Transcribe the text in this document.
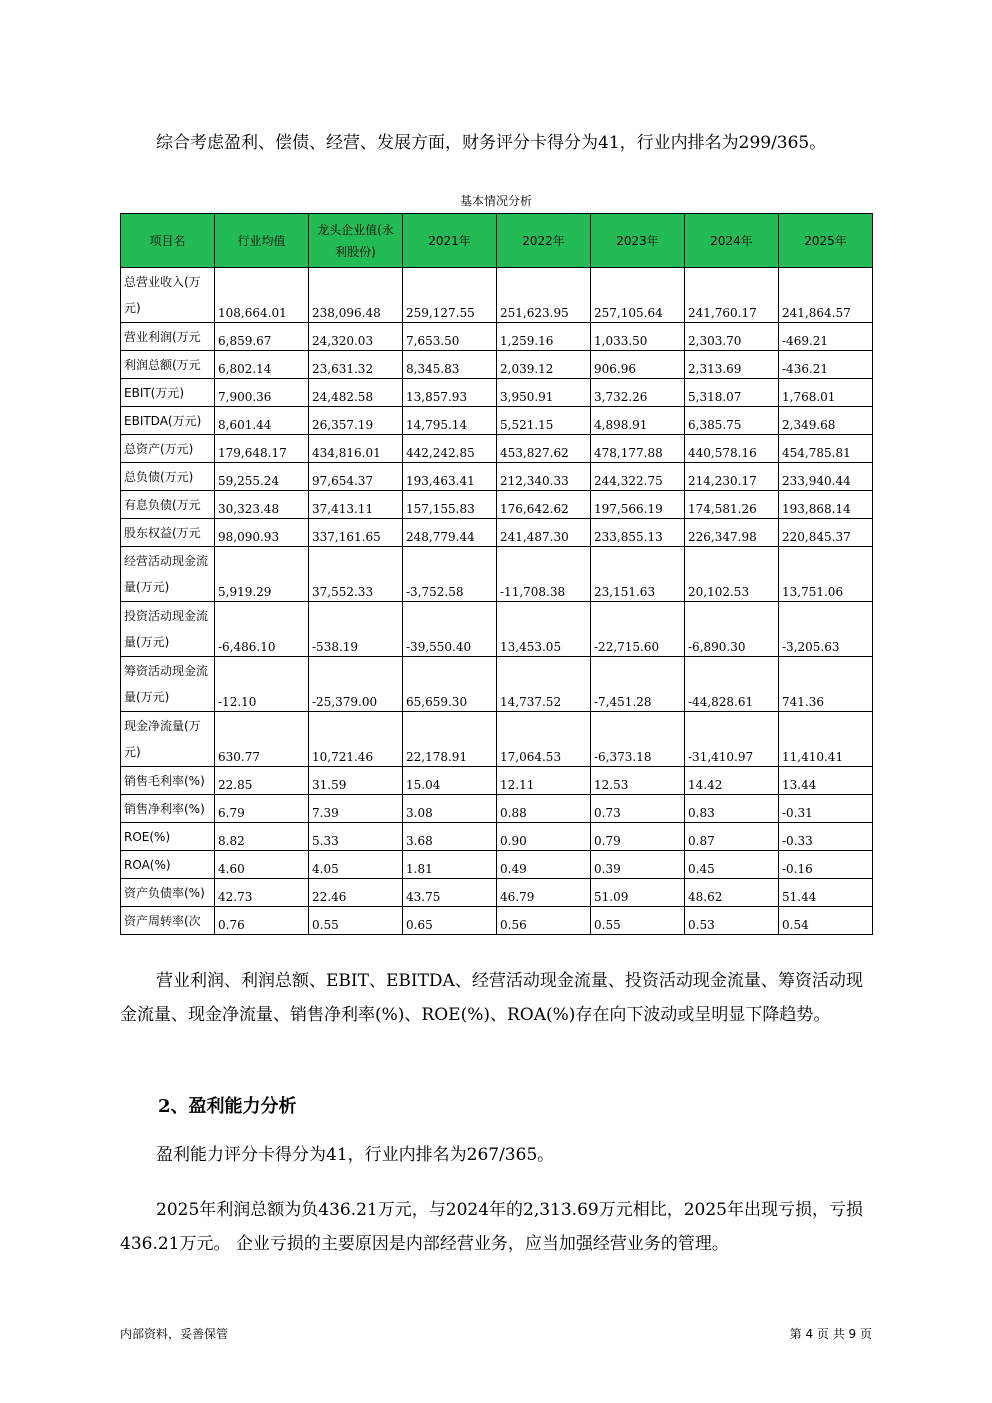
综合考虑盈利、偿债、经营、发展方面，财务评分卡得分为41，行业内排名为299/365。

基本情况分析
项目名	行业均值	龙头企业值(永利股份)	2021年	2022年	2023年	2024年	2025年
总营业收入(万元)	108,664.01	238,096.48	259,127.55	251,623.95	257,105.64	241,760.17	241,864.57
营业利润(万元	6,859.67	24,320.03	7,653.50	1,259.16	1,033.50	2,303.70	-469.21
利润总额(万元	6,802.14	23,631.32	8,345.83	2,039.12	906.96	2,313.69	-436.21
EBIT(万元)	7,900.36	24,482.58	13,857.93	3,950.91	3,732.26	5,318.07	1,768.01
EBITDA(万元)	8,601.44	26,357.19	14,795.14	5,521.15	4,898.91	6,385.75	2,349.68
总资产(万元)	179,648.17	434,816.01	442,242.85	453,827.62	478,177.88	440,578.16	454,785.81
总负债(万元)	59,255.24	97,654.37	193,463.41	212,340.33	244,322.75	214,230.17	233,940.44
有息负债(万元	30,323.48	37,413.11	157,155.83	176,642.62	197,566.19	174,581.26	193,868.14
股东权益(万元	98,090.93	337,161.65	248,779.44	241,487.30	233,855.13	226,347.98	220,845.37
经营活动现金流量(万元)	5,919.29	37,552.33	-3,752.58	-11,708.38	23,151.63	20,102.53	13,751.06
投资活动现金流量(万元)	-6,486.10	-538.19	-39,550.40	13,453.05	-22,715.60	-6,890.30	-3,205.63
筹资活动现金流量(万元)	-12.10	-25,379.00	65,659.30	14,737.52	-7,451.28	-44,828.61	741.36
现金净流量(万元)	630.77	10,721.46	22,178.91	17,064.53	-6,373.18	-31,410.97	11,410.41
销售毛利率(%)	22.85	31.59	15.04	12.11	12.53	14.42	13.44
销售净利率(%)	6.79	7.39	3.08	0.88	0.73	0.83	-0.31
ROE(%)	8.82	5.33	3.68	0.90	0.79	0.87	-0.33
ROA(%)	4.60	4.05	1.81	0.49	0.39	0.45	-0.16
资产负债率(%)	42.73	22.46	43.75	46.79	51.09	48.62	51.44
资产周转率(次	0.76	0.55	0.65	0.56	0.55	0.53	0.54

营业利润、利润总额、EBIT、EBITDA、经营活动现金流量、投资活动现金流量、筹资活动现金流量、现金净流量、销售净利率(%)、ROE(%)、ROA(%)存在向下波动或呈明显下降趋势。

2、盈利能力分析

盈利能力评分卡得分为41，行业内排名为267/365。

2025年利润总额为负436.21万元，与2024年的2,313.69万元相比，2025年出现亏损，亏损436.21万元。 企业亏损的主要原因是内部经营业务，应当加强经营业务的管理。

内部资料，妥善保管	第 4 页 共 9 页
